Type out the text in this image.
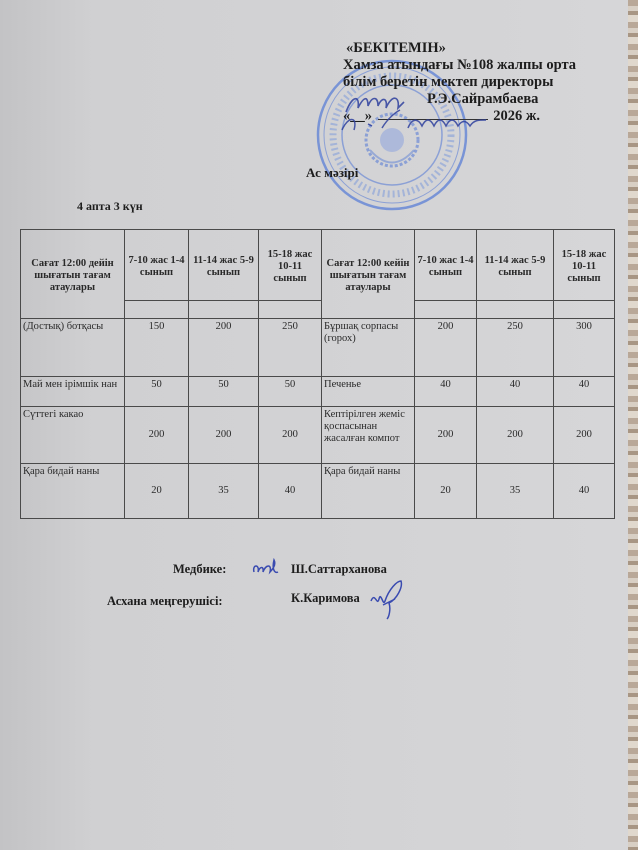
«БЕКІТЕМІН»
Хамза атындағы №108 жалпы орта
білім беретін мектеп директоры
Р.Э.Сайрамбаева
«__»	2026 ж.
Ас мәзірі
4 апта 3 күн
Сағат 12:00 дейін шығатын тағам атаулары	7-10 жас 1-4 сынып	11-14 жас 5-9 сынып	15-18 жас 10-11 сынып	Сағат 12:00 кейін шығатын тағам атаулары	7-10 жас 1-4 сынып	11-14 жас 5-9 сынып	15-18 жас 10-11 сынып

(Достық) ботқасы	150	200	250	Бұршақ сорпасы (горох)	200	250	300
Май мен ірімшік нан	50	50	50	Печенье	40	40	40
Сүттегі какао	200	200	200	Кептірілген жеміс қоспасынан жасалған компот	200	200	200
Қара бидай наны	20	35	40	Қара бидай наны	20	35	40
Медбике:	Ш.Саттарханова
Асхана меңгерушісі:	К.Каримова
